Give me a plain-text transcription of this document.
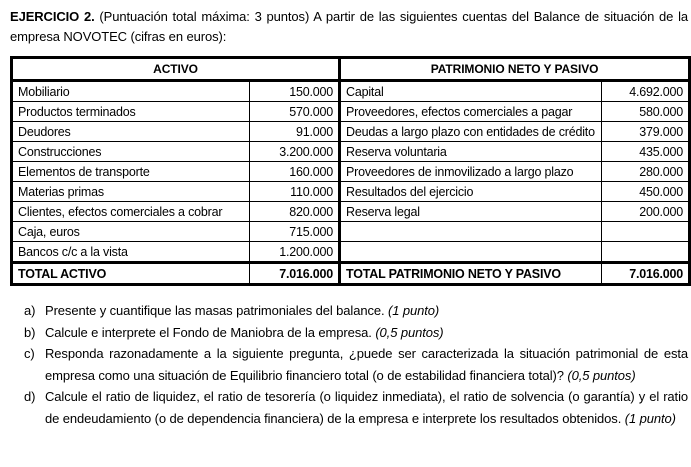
EJERCICIO 2. (Puntuación total máxima: 3 puntos) A partir de las siguientes cuentas del Balance de situación de la empresa NOVOTEC (cifras en euros):
ACTIVO		PATRIMONIO NETO Y PASIVO	
Mobiliario	150.000	Capital	4.692.000
Productos terminados	570.000	Proveedores, efectos comerciales a pagar	580.000
Deudores	91.000	Deudas a largo plazo con entidades de crédito	379.000
Construcciones	3.200.000	Reserva voluntaria	435.000
Elementos de transporte	160.000	Proveedores de inmovilizado a largo plazo	280.000
Materias primas	110.000	Resultados del ejercicio	450.000
Clientes, efectos comerciales a cobrar	820.000	Reserva legal	200.000
Caja, euros	715.000		
Bancos c/c a la vista	1.200.000		
TOTAL ACTIVO	7.016.000	TOTAL PATRIMONIO NETO Y PASIVO	7.016.000
a) Presente y cuantifique las masas patrimoniales del balance. (1 punto)
b) Calcule e interprete el Fondo de Maniobra de la empresa. (0,5 puntos)
c) Responda razonadamente a la siguiente pregunta, ¿puede ser caracterizada la situación patrimonial de esta empresa como una situación de Equilibrio financiero total (o de estabilidad financiera total)? (0,5 puntos)
d) Calcule el ratio de liquidez, el ratio de tesorería (o liquidez inmediata), el ratio de solvencia (o garantía) y el ratio de endeudamiento (o de dependencia financiera) de la empresa e interprete los resultados obtenidos. (1 punto)
